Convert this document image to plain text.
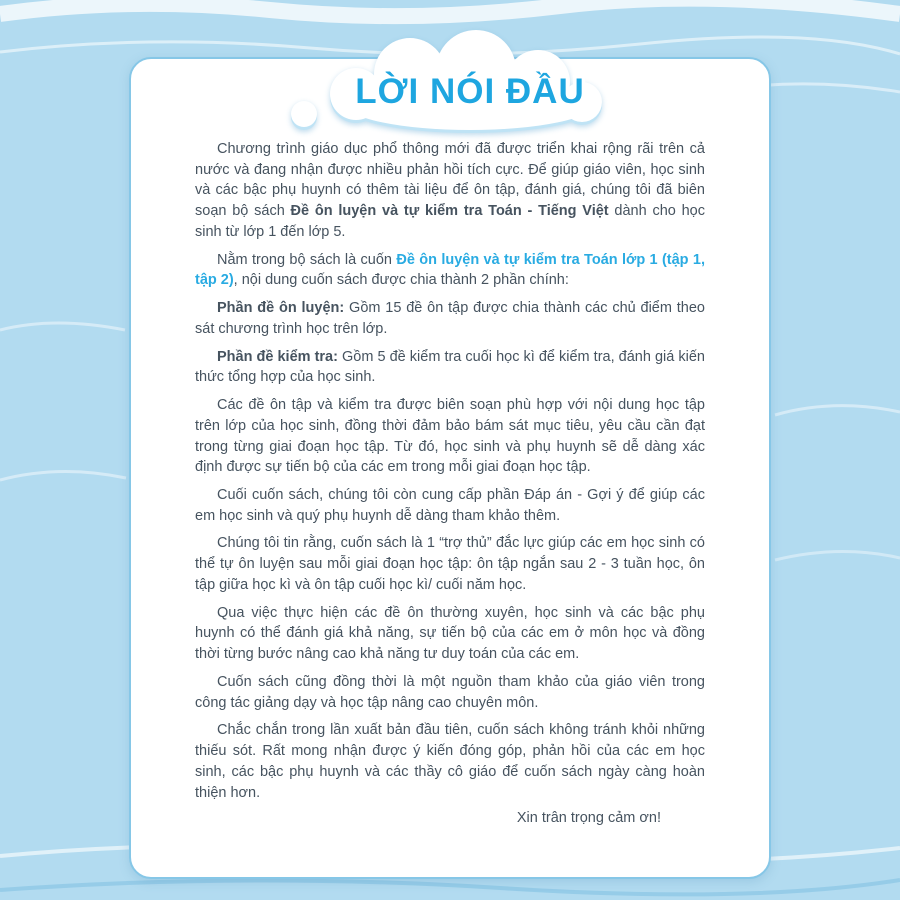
Chương trình giáo dục phổ thông mới đã được triển khai rộng rãi trên cả nước và đang nhận được nhiều phản hồi tích cực. Để giúp giáo viên, học sinh và các bậc phụ huynh có thêm tài liệu để ôn tập, đánh giá, chúng tôi đã biên soạn bộ sách Đề ôn luyện và tự kiểm tra Toán - Tiếng Việt dành cho học sinh từ lớp 1 đến lớp 5.

Nằm trong bộ sách là cuốn Đề ôn luyện và tự kiểm tra Toán lớp 1 (tập 1, tập 2), nội dung cuốn sách được chia thành 2 phần chính:

Phần đề ôn luyện: Gồm 15 đề ôn tập được chia thành các chủ điểm theo sát chương trình học trên lớp.

Phần đề kiểm tra: Gồm 5 đề kiểm tra cuối học kì để kiểm tra, đánh giá kiến thức tổng hợp của học sinh.

Các đề ôn tập và kiểm tra được biên soạn phù hợp với nội dung học tập trên lớp của học sinh, đồng thời đảm bảo bám sát mục tiêu, yêu cầu cần đạt trong từng giai đoạn học tập. Từ đó, học sinh và phụ huynh sẽ dễ dàng xác định được sự tiến bộ của các em trong mỗi giai đoạn học tập.

Cuối cuốn sách, chúng tôi còn cung cấp phần Đáp án - Gợi ý để giúp các em học sinh và quý phụ huynh dễ dàng tham khảo thêm.

Chúng tôi tin rằng, cuốn sách là 1 “trợ thủ” đắc lực giúp các em học sinh có thể tự ôn luyện sau mỗi giai đoạn học tập: ôn tập ngắn sau 2 - 3 tuần học, ôn tập giữa học kì và ôn tập cuối học kì/ cuối năm học.

Qua việc thực hiện các đề ôn thường xuyên, học sinh và các bậc phụ huynh có thể đánh giá khả năng, sự tiến bộ của các em ở môn học và đồng thời từng bước nâng cao khả năng tư duy toán của các em.

Cuốn sách cũng đồng thời là một nguồn tham khảo của giáo viên trong công tác giảng dạy và học tập nâng cao chuyên môn.

Chắc chắn trong lần xuất bản đầu tiên, cuốn sách không tránh khỏi những thiếu sót. Rất mong nhận được ý kiến đóng góp, phản hồi của các em học sinh, các bậc phụ huynh và các thầy cô giáo để cuốn sách ngày càng hoàn thiện hơn.

Xin trân trọng cảm ơn!
LỜI NÓI ĐẦU
